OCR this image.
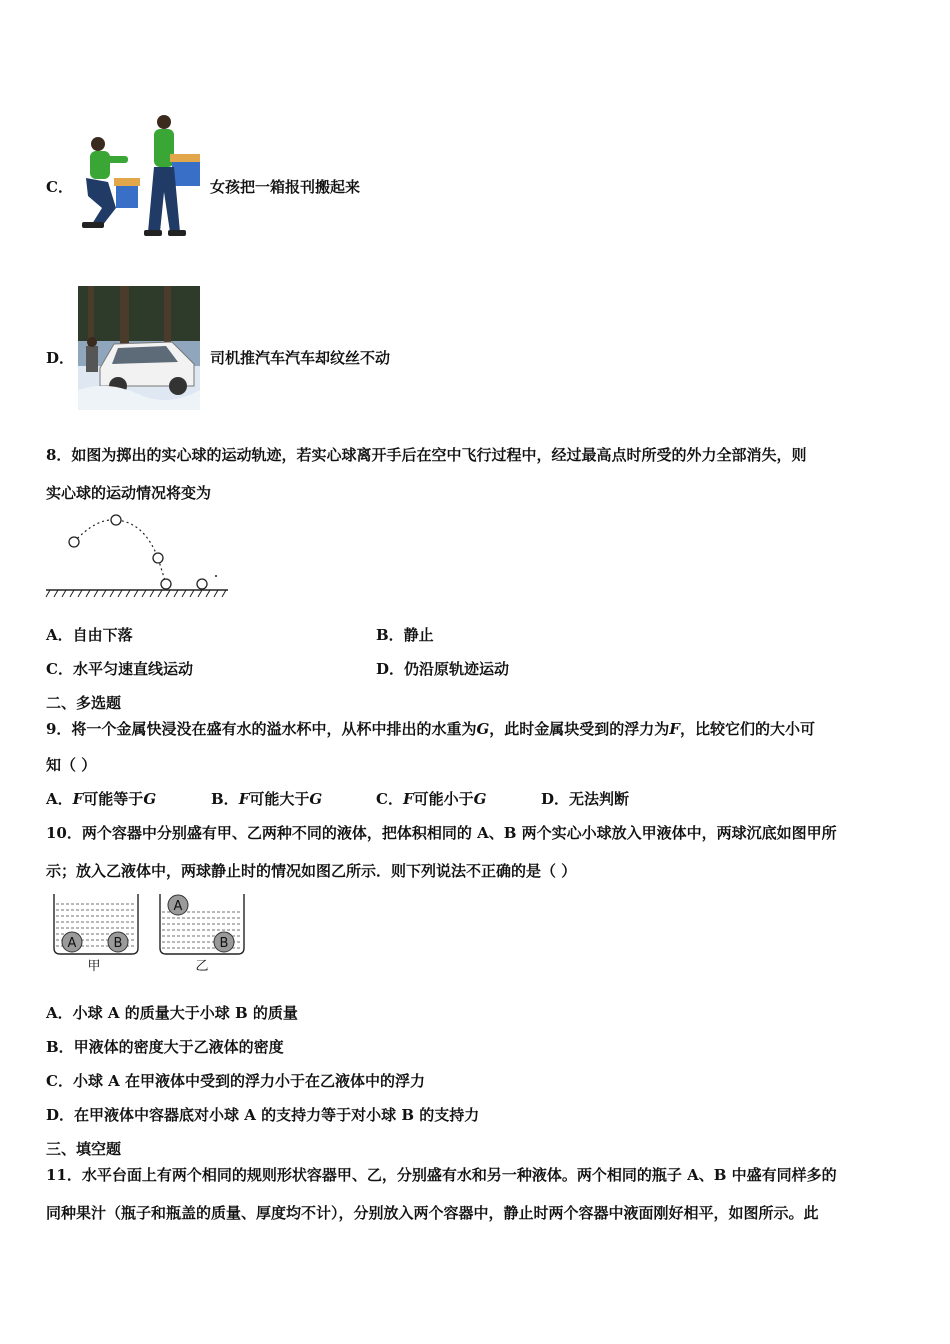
C．	女孩把一箱报刊搬起来
D．	司机推汽车汽车却纹丝不动
8．如图为掷出的实心球的运动轨迹，若实心球离开手后在空中飞行过程中，经过最高点时所受的外力全部消失，则
实心球的运动情况将变为
A．自由下落	B．静止
C．水平匀速直线运动	D．仍沿原轨迹运动
二、多选题
9．将一个金属快浸没在盛有水的溢水杯中，从杯中排出的水重为G，此时金属块受到的浮力为F，比较它们的大小可
知（ ）
A．F可能等于G	B．F可能大于G	C．F可能小于G	D．无法判断
10．两个容器中分别盛有甲、乙两种不同的液体，把体积相同的 A、B 两个实心小球放入甲液体中，两球沉底如图甲所
示；放入乙液体中，两球静止时的情况如图乙所示．则下列说法不正确的是（ ）
A	B
甲
A
B
乙
A．小球 A 的质量大于小球 B 的质量
B．甲液体的密度大于乙液体的密度
C．小球 A 在甲液体中受到的浮力小于在乙液体中的浮力
D．在甲液体中容器底对小球 A 的支持力等于对小球 B 的支持力
三、填空题
11．水平台面上有两个相同的规则形状容器甲、乙，分别盛有水和另一种液体。两个相同的瓶子 A、B 中盛有同样多的
同种果汁（瓶子和瓶盖的质量、厚度均不计），分别放入两个容器中，静止时两个容器中液面刚好相平，如图所示。此
